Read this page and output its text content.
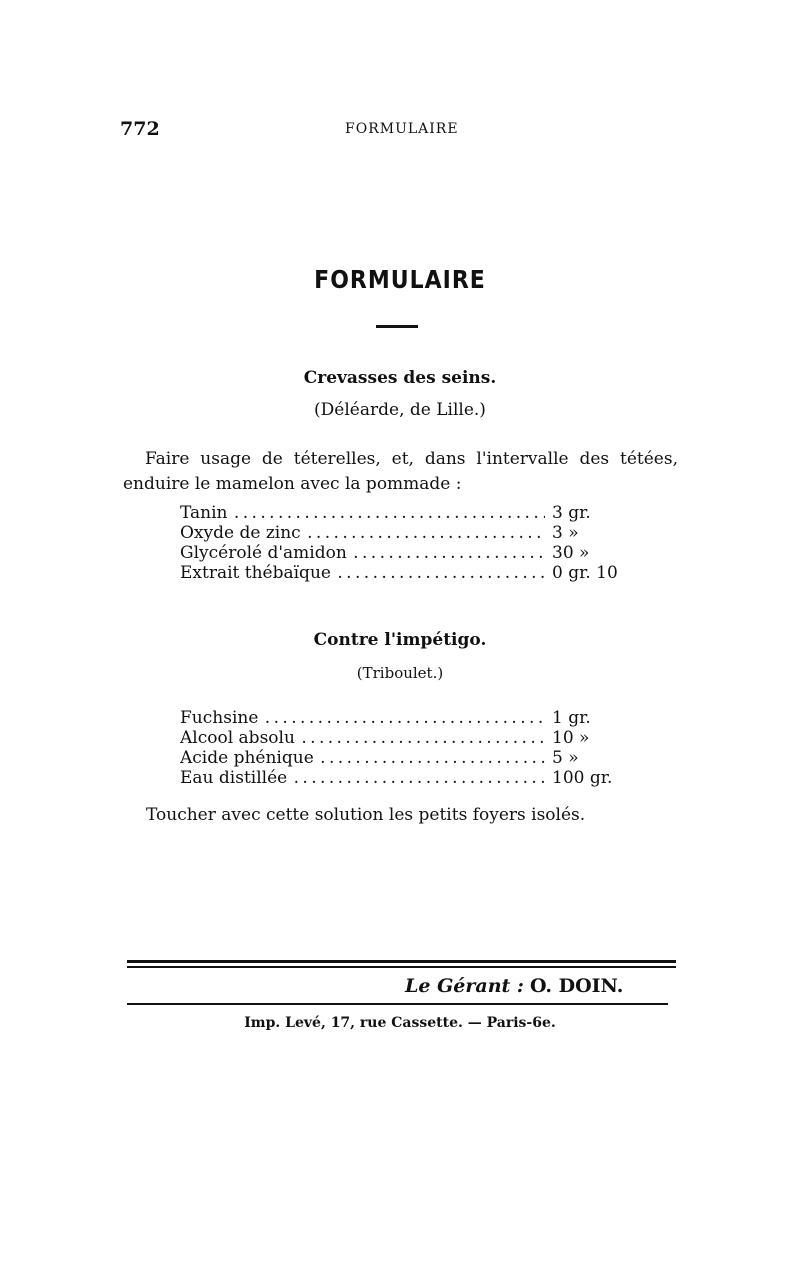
772	FORMULAIRE
FORMULAIRE
Crevasses des seins.
(Déléarde, de Lille.)
Faire usage de téterelles, et, dans l'intervalle des tétées,
enduire le mamelon avec la pommade :
Tanin . . .	3 gr.
Oxyde de zinc . . .	3 »
Glycérolé d'amidon . . .	30 »
Extrait thébaïque . . .	0 gr. 10
Contre l'impétigo.
(Triboulet.)
Fuchsine . . .	1 gr.
Alcool absolu . . .	10 »
Acide phénique . . .	5 »
Eau distillée . . .	100 gr.
Toucher avec cette solution les petits foyers isolés.
Le Gérant : O. DOIN.
Imp. Levé, 17, rue Cassette. — Paris-6e.
